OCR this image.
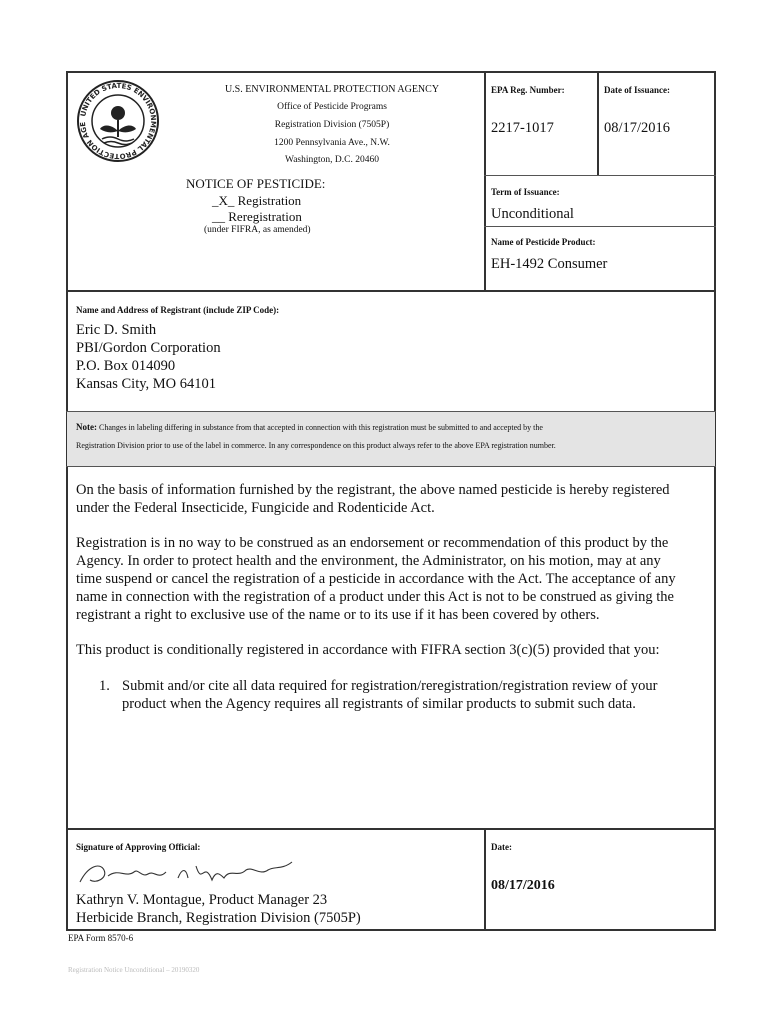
UNITED STATES ENVIRONMENTAL PROTECTION AGE
U.S. ENVIRONMENTAL PROTECTION AGENCY
Office of Pesticide Programs
Registration Division (7505P)
1200 Pennsylvania Ave., N.W.
Washington, D.C. 20460
NOTICE OF PESTICIDE:
_X_ Registration
__ Reregistration
(under FIFRA, as amended)
EPA Reg. Number:
2217-1017
Date of Issuance:
08/17/2016
Term of Issuance:
Unconditional
Name of Pesticide Product:
EH-1492 Consumer
Name and Address of Registrant (include ZIP Code):
Eric D. Smith
PBI/Gordon Corporation
P.O. Box 014090
Kansas City, MO 64101
Note: Changes in labeling differing in substance from that accepted in connection with this registration must be submitted to and accepted by the
Registration Division prior to use of the label in commerce. In any correspondence on this product always refer to the above EPA registration number.
On the basis of information furnished by the registrant, the above named pesticide is hereby registered
under the Federal Insecticide, Fungicide and Rodenticide Act.
Registration is in no way to be construed as an endorsement or recommendation of this product by the
Agency. In order to protect health and the environment, the Administrator, on his motion, may at any
time suspend or cancel the registration of a pesticide in accordance with the Act. The acceptance of any
name in connection with the registration of a product under this Act is not to be construed as giving the
registrant a right to exclusive use of the name or to its use if it has been covered by others.
This product is conditionally registered in accordance with FIFRA section 3(c)(5) provided that you:
1. Submit and/or cite all data required for registration/reregistration/registration review of your
product when the Agency requires all registrants of similar products to submit such data.
Signature of Approving Official:
Kathryn V. Montague, Product Manager 23
Herbicide Branch, Registration Division (7505P)
Date:
08/17/2016
EPA Form 8570-6
Registration Notice Unconditional – 20190320
